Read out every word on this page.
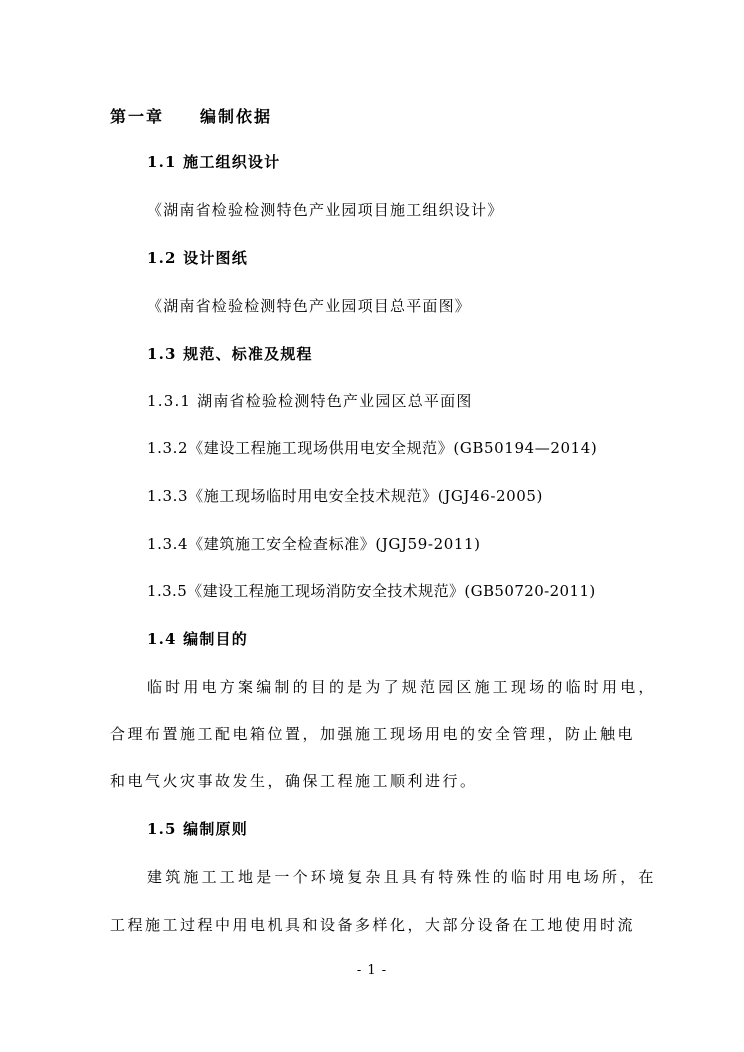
第一章　　编制依据
1.1 施工组织设计
《湖南省检验检测特色产业园项目施工组织设计》
1.2 设计图纸
《湖南省检验检测特色产业园项目总平面图》
1.3 规范、标准及规程
1.3.1 湖南省检验检测特色产业园区总平面图
1.3.2《建设工程施工现场供用电安全规范》(GB50194—2014)
1.3.3《施工现场临时用电安全技术规范》(JGJ46-2005)
1.3.4《建筑施工安全检查标准》(JGJ59-2011)
1.3.5《建设工程施工现场消防安全技术规范》(GB50720-2011)
1.4 编制目的
临时用电方案编制的目的是为了规范园区施工现场的临时用电，
合理布置施工配电箱位置，加强施工现场用电的安全管理，防止触电
和电气火灾事故发生，确保工程施工顺利进行。
1.5 编制原则
建筑施工工地是一个环境复杂且具有特殊性的临时用电场所，在
工程施工过程中用电机具和设备多样化，大部分设备在工地使用时流
- 1 -
